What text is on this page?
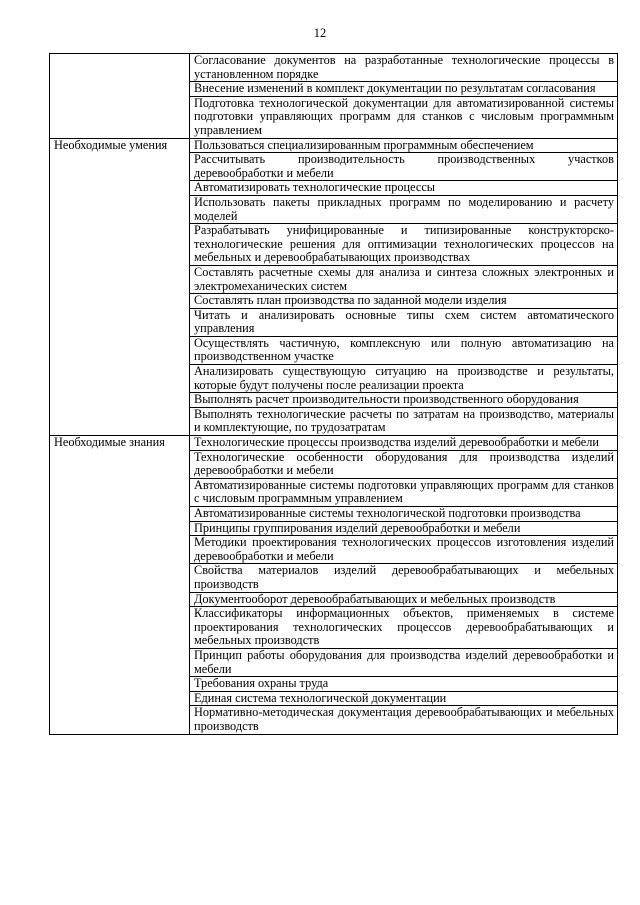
12
	Согласование документов на разработанные технологические процессы в установленном порядке
	Внесение изменений в комплект документации по результатам согласования
	Подготовка технологической документации для автоматизированной системы подготовки управляющих программ для станков с числовым программным управлением
Необходимые умения	Пользоваться специализированным программным обеспечением
	Рассчитывать производительность производственных участков деревообработки и мебели
	Автоматизировать технологические процессы
	Использовать пакеты прикладных программ по моделированию и расчету моделей
	Разрабатывать унифицированные и типизированные конструкторско-технологические решения для оптимизации технологических процессов на мебельных и деревообрабатывающих производствах
	Составлять расчетные схемы для анализа и синтеза сложных электронных и электромеханических систем
	Составлять план производства по заданной модели изделия
	Читать и анализировать основные типы схем систем автоматического управления
	Осуществлять частичную, комплексную или полную автоматизацию на производственном участке
	Анализировать существующую ситуацию на производстве и результаты, которые будут получены после реализации проекта
	Выполнять расчет производительности производственного оборудования
	Выполнять технологические расчеты по затратам на производство, материалы и комплектующие, по трудозатратам
Необходимые знания	Технологические процессы производства изделий деревообработки и мебели
	Технологические особенности оборудования для производства изделий деревообработки и мебели
	Автоматизированные системы подготовки управляющих программ для станков с числовым программным управлением
	Автоматизированные системы технологической подготовки производства
	Принципы группирования изделий деревообработки и мебели
	Методики проектирования технологических процессов изготовления изделий деревообработки и мебели
	Свойства материалов изделий деревообрабатывающих и мебельных производств
	Документооборот деревообрабатывающих и мебельных производств
	Классификаторы информационных объектов, применяемых в системе проектирования технологических процессов деревообрабатывающих и мебельных производств
	Принцип работы оборудования для производства изделий деревообработки и мебели
	Требования охраны труда
	Единая система технологической документации
	Нормативно-методическая документация деревообрабатывающих и мебельных производств
